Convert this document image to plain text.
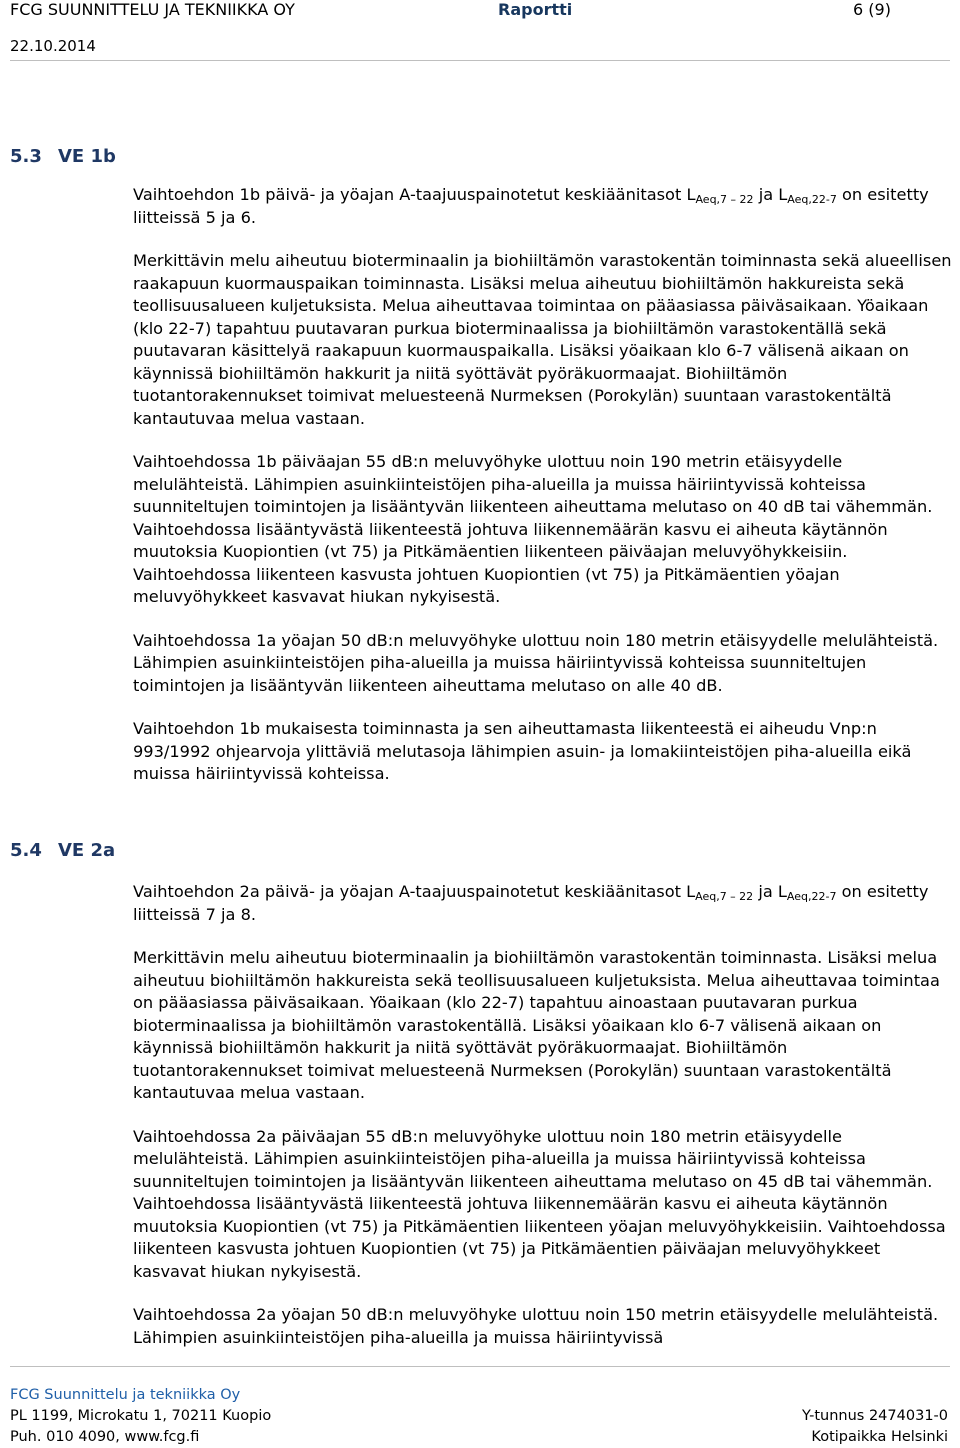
FCG SUUNNITTELU JA TEKNIIKKA OY	Raportti	6 (9)
22.10.2014
5.3 VE 1b

Vaihtoehdon 1b päivä- ja yöajan A-taajuuspainotetut keskiäänitasot $L_{Aeq,7 - 22}$ ja $L_{Aeq,22-7}$ on esitetty liitteissä 5 ja 6.

Merkittävin melu aiheutuu bioterminaalin ja biohiiltämön varastokentän toiminnasta sekä alueellisen raakapuun kuormauspaikan toiminnasta. Lisäksi melua aiheutuu biohiiltämön hakkureista sekä teollisuusalueen kuljetuksista. Melua aiheuttavaa toimintaa on pääasiassa päiväsaikaan. Yöaikaan (klo 22-7) tapahtuu puutavaran purkua bioterminaalissa ja biohiiltämön varastokentällä sekä puutavaran käsittelyä raakapuun kuormauspaikalla. Lisäksi yöaikaan klo 6-7 välisenä aikaan on käynnissä biohiiltämön hakkurit ja niitä syöttävät pyöräkuormaajat. Biohiiltämön tuotantorakennukset toimivat meluesteenä Nurmeksen (Porokylän) suuntaan varastokentältä kantautuvaa melua vastaan.

Vaihtoehdossa 1b päiväajan 55 dB:n meluvyöhyke ulottuu noin 190 metrin etäisyydelle melulähteistä. Lähimpien asuinkiinteistöjen piha-alueilla ja muissa häiriintyvissä kohteissa suunniteltujen toimintojen ja lisääntyvän liikenteen aiheuttama melutaso on 40 dB tai vähemmän. Vaihtoehdossa lisääntyvästä liikenteestä johtuva liikennemäärän kasvu ei aiheuta käytännön muutoksia Kuopiontien (vt 75) ja Pitkämäentien liikenteen päiväajan meluvyöhykkeisiin. Vaihtoehdossa liikenteen kasvusta johtuen Kuopiontien (vt 75) ja Pitkämäentien yöajan meluvyöhykkeet kasvavat hiukan nykyisestä.

Vaihtoehdossa 1a yöajan 50 dB:n meluvyöhyke ulottuu noin 180 metrin etäisyydelle melulähteistä. Lähimpien asuinkiinteistöjen piha-alueilla ja muissa häiriintyvissä kohteissa suunniteltujen toimintojen ja lisääntyvän liikenteen aiheuttama melutaso on alle 40 dB.

Vaihtoehdon 1b mukaisesta toiminnasta ja sen aiheuttamasta liikenteestä ei aiheudu Vnp:n 993/1992 ohjearvoja ylittäviä melutasoja lähimpien asuin- ja lomakiinteistöjen piha-alueilla eikä muissa häiriintyvissä kohteissa.

5.4 VE 2a

Vaihtoehdon 2a päivä- ja yöajan A-taajuuspainotetut keskiäänitasot $L_{Aeq,7 - 22}$ ja $L_{Aeq,22-7}$ on esitetty liitteissä 7 ja 8.

Merkittävin melu aiheutuu bioterminaalin ja biohiiltämön varastokentän toiminnasta. Lisäksi melua aiheutuu biohiiltämön hakkureista sekä teollisuusalueen kuljetuksista. Melua aiheuttavaa toimintaa on pääasiassa päiväsaikaan. Yöaikaan (klo 22-7) tapahtuu ainoastaan puutavaran purkua bioterminaalissa ja biohiiltämön varastokentällä. Lisäksi yöaikaan klo 6-7 välisenä aikaan on käynnissä biohiiltämön hakkurit ja niitä syöttävät pyöräkuormaajat. Biohiiltämön tuotantorakennukset toimivat meluesteenä Nurmeksen (Porokylän) suuntaan varastokentältä kantautuvaa melua vastaan.

Vaihtoehdossa 2a päiväajan 55 dB:n meluvyöhyke ulottuu noin 180 metrin etäisyydelle melulähteistä. Lähimpien asuinkiinteistöjen piha-alueilla ja muissa häiriintyvissä kohteissa suunniteltujen toimintojen ja lisääntyvän liikenteen aiheuttama melutaso on 45 dB tai vähemmän. Vaihtoehdossa lisääntyvästä liikenteestä johtuva liikennemäärän kasvu ei aiheuta käytännön muutoksia Kuopiontien (vt 75) ja Pitkämäentien liikenteen yöajan meluvyöhykkeisiin. Vaihtoehdossa liikenteen kasvusta johtuen Kuopiontien (vt 75) ja Pitkämäentien päiväajan meluvyöhykkeet kasvavat hiukan nykyisestä.

Vaihtoehdossa 2a yöajan 50 dB:n meluvyöhyke ulottuu noin 150 metrin etäisyydelle melulähteistä. Lähimpien asuinkiinteistöjen piha-alueilla ja muissa häiriintyvissä

FCG Suunnittelu ja tekniikka Oy
PL 1199, Microkatu 1, 70211 Kuopio	Y-tunnus 2474031-0
Puh. 010 4090, www.fcg.fi	Kotipaikka Helsinki
